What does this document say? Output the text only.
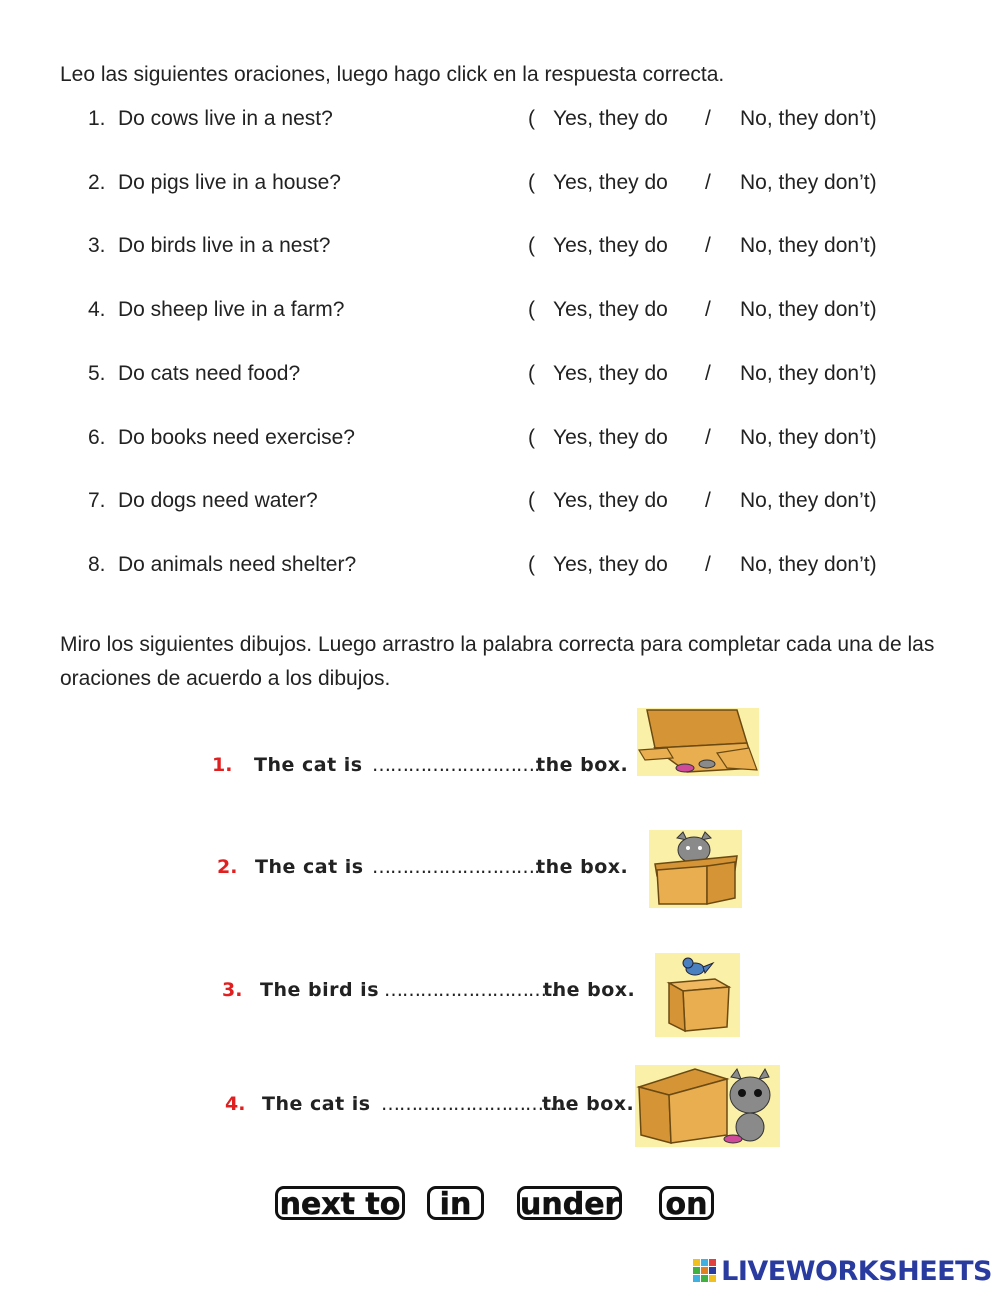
Leo las siguientes oraciones, luego hago click en la respuesta correcta.
1. Do cows live in a nest?	( Yes, they do / No, they don’t)
2. Do pigs live in a house?	( Yes, they do / No, they don’t)
3. Do birds live in a nest?	( Yes, they do / No, they don’t)
4. Do sheep live in a farm?	( Yes, they do / No, they don’t)
5. Do cats need food?	( Yes, they do / No, they don’t)
6. Do books need exercise?	( Yes, they do / No, they don’t)
7. Do dogs need water?	( Yes, they do / No, they don’t)
8. Do animals need shelter?	( Yes, they do / No, they don’t)
Miro los siguientes dibujos. Luego arrastro la palabra correcta para completar cada una de las oraciones de acuerdo a los dibujos.
1. The cat is ………………………….
the box.
2. The cat is ………………………….
the box.
3. The bird is ………………………..
the box.
4. The cat is ………………………….
the box.
next to	in	under on
LIVEWORKSHEETS
